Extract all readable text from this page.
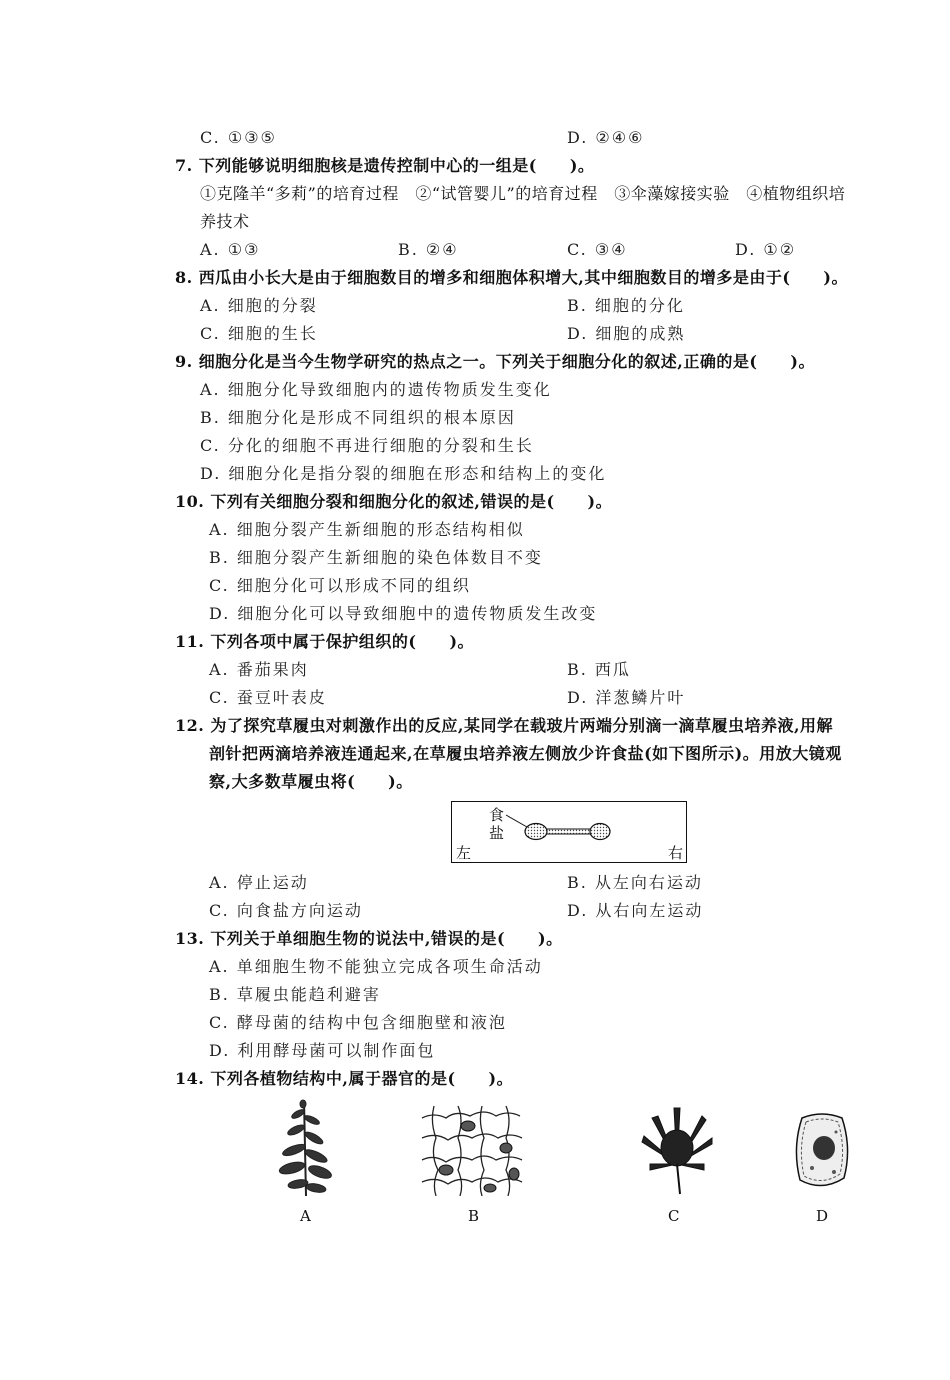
C. ①③⑤	D. ②④⑥
7. 下列能够说明细胞核是遗传控制中心的一组是(　　)。
①克隆羊“多莉”的培育过程　②“试管婴儿”的培育过程　③伞藻嫁接实验　④植物组织培
养技术
A. ①③	B. ②④	C. ③④	D. ①②
8. 西瓜由小长大是由于细胞数目的增多和细胞体积增大,其中细胞数目的增多是由于(　　)。
A. 细胞的分裂	B. 细胞的分化
C. 细胞的生长	D. 细胞的成熟
9. 细胞分化是当今生物学研究的热点之一。下列关于细胞分化的叙述,正确的是(　　)。
A. 细胞分化导致细胞内的遗传物质发生变化
B. 细胞分化是形成不同组织的根本原因
C. 分化的细胞不再进行细胞的分裂和生长
D. 细胞分化是指分裂的细胞在形态和结构上的变化
10. 下列有关细胞分裂和细胞分化的叙述,错误的是(　　)。
A. 细胞分裂产生新细胞的形态结构相似
B. 细胞分裂产生新细胞的染色体数目不变
C. 细胞分化可以形成不同的组织
D. 细胞分化可以导致细胞中的遗传物质发生改变
11. 下列各项中属于保护组织的(　　)。
A. 番茄果肉	B. 西瓜
C. 蚕豆叶表皮	D. 洋葱鳞片叶
12. 为了探究草履虫对刺激作出的反应,某同学在载玻片两端分别滴一滴草履虫培养液,用解
剖针把两滴培养液连通起来,在草履虫培养液左侧放少许食盐(如下图所示)。用放大镜观
察,大多数草履虫将(　　)。
食
盐
左	右
A. 停止运动	B. 从左向右运动
C. 向食盐方向运动	D. 从右向左运动
13. 下列关于单细胞生物的说法中,错误的是(　　)。
A. 单细胞生物不能独立完成各项生命活动
B. 草履虫能趋利避害
C. 酵母菌的结构中包含细胞壁和液泡
D. 利用酵母菌可以制作面包
14. 下列各植物结构中,属于器官的是(　　)。
A	B	C	D
